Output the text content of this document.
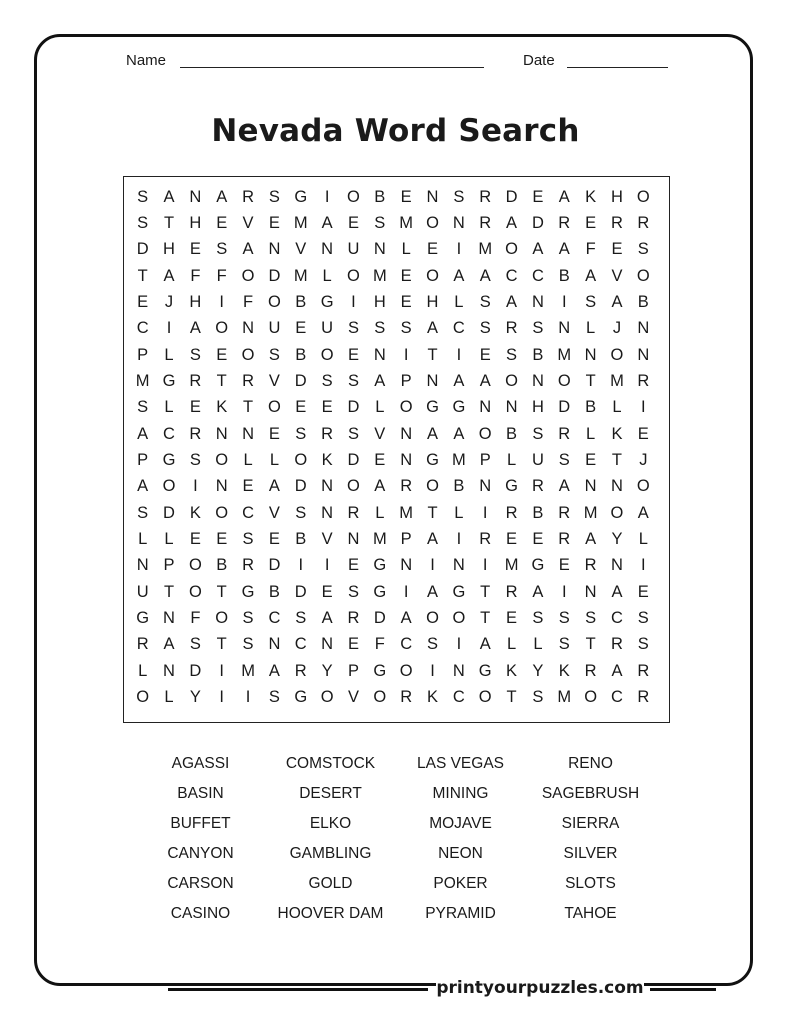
Name	Date
Nevada Word Search
S A N A R S G	I	O B E N S R D E A K H O
S T H E V E M A E S M O N R A D R E R R
D H E S A N V N U N L E	I	M O A A F E S
T A F F O D M L O M E O A A C C B A V O
E	J H	I	F O B G	I	H E H L S A N	I	S A B
C	I	A O N U E U S S S A C S R S N L	J N
P L S E O S B O E N	I	T	I	E S B M N O N
M G R T R V D S S A P N A A O N O T M R
S L E K T O E E D L O G G N N H D B L	I
A C R N N E S R S V N A A O B S R L K E
P G S O L	L O K D E N G M P L U S E T	J
A O	I	N E A D N O A R O B N G R A N N O
S D K O C V S N R L M T	L	I	R B R M O A
L	L E E S E B V N M P A	I	R E E R A Y L
N P O B R D	I	I	E G N	I	N	I	M G E R N	I
U T O T G B D E S G	I	A G T R A	I	N A E
G N F O S C S A R D A O O T E S S S C S
R A S T S N C N E F C S	I	A L	L S T R S
L N D	I	M A R Y P G O	I	N G K Y K R A R
O L Y	I	I	S G O V O R K C O T S M O C R
AGASSI	COMSTOCK	LAS VEGAS	RENO
BASIN	DESERT	MINING	SAGEBRUSH
BUFFET	ELKO	MOJAVE	SIERRA
CANYON	GAMBLING	NEON	SILVER
CARSON	GOLD	POKER	SLOTS
CASINO	HOOVER DAM	PYRAMID	TAHOE
printyourpuzzles.com
